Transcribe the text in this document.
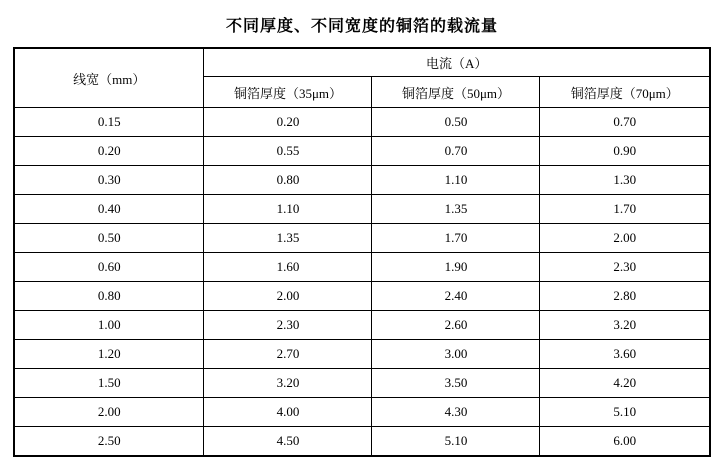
不同厚度、不同宽度的铜箔的载流量
线宽（mm）	电流（A）		
	铜箔厚度（35μm）	铜箔厚度（50μm）	铜箔厚度（70μm）
0.15	0.20	0.50	0.70
0.20	0.55	0.70	0.90
0.30	0.80	1.10	1.30
0.40	1.10	1.35	1.70
0.50	1.35	1.70	2.00
0.60	1.60	1.90	2.30
0.80	2.00	2.40	2.80
1.00	2.30	2.60	3.20
1.20	2.70	3.00	3.60
1.50	3.20	3.50	4.20
2.00	4.00	4.30	5.10
2.50	4.50	5.10	6.00
